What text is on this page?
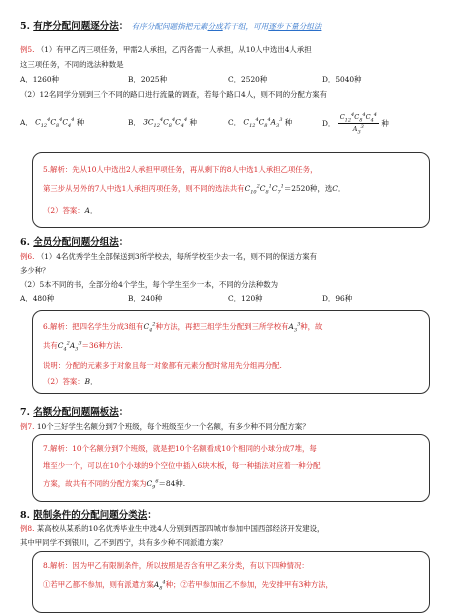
5. 有序分配问题逐分法： 有序分配问题指把元素分成若干组，可用逐步下量分组法
例5. （1）有甲乙丙三项任务，甲需2人承担，乙丙各需一人承担，从10人中选出4人承担
这三项任务，不同的选法种数是
A．1260种	B．2025种	C．2520种	D．5040种
（2）12名同学分别到三个不同的路口进行流量的调查，若每个路口4人，则不同的分配方案有
A． $C_{12}^4C_8^4C_4^4$ 种	B． $3C_{12}^4C_8^4C_4^4$ 种	C． $C_{12}^4C_8^4A_3^3$ 种	D． $\frac{C_{12}^4C_8^4C_4^4}{A_3^3}$ 种
5.解析：先从10人中选出2人承担甲项任务，再从剩下的8人中选1人承担乙项任务，
第三步从另外的7人中选1人承担丙项任务，则不同的选法共有$C_{10}^2C_8^1C_7^1=2520$种，选C．
（2）答案：A．
6. 全员分配问题分组法：
例6. （1）4名优秀学生全部保送到3所学校去，每所学校至少去一名，则不同的保送方案有
多少种？
（2）5本不同的书，全部分给4个学生，每个学生至少一本，不同的分法种数为
A．480种	B．240种	C．120种	D．96种
6.解析：把四名学生分成3组有$C_4^2$种方法，再把三组学生分配到三所学校有$A_3^3$种，故
共有$C_4^2A_3^3=36$种方法.
说明：分配的元素多于对象且每一对象都有元素分配时常用先分组再分配.
（2）答案：B．
7. 名额分配问题隔板法：
例7. 10个三好学生名额分到7个班级，每个班级至少一个名额，有多少种不同分配方案？
7.解析：10个名额分到7个班级，就是把10个名额看成10个相同的小球分成7堆，每
堆至少一个，可以在10个小球的9个空位中插入6块木板，每一种插法对应着一种分配
方案，故共有不同的分配方案为$C_9^6=84$种.
8. 限制条件的分配问题分类法：
例8. 某高校从某系的10名优秀毕业生中选4人分别到西部四城市参加中国西部经济开发建设，
其中甲同学不到银川，乙不到西宁，共有多少种不同派遣方案？
8.解析：因为甲乙有限制条件，所以按照是否含有甲乙来分类，有以下四种情况：
①若甲乙都不参加，则有派遣方案$A_8^4$种；②若甲参加而乙不参加，先安排甲有3种方法，
